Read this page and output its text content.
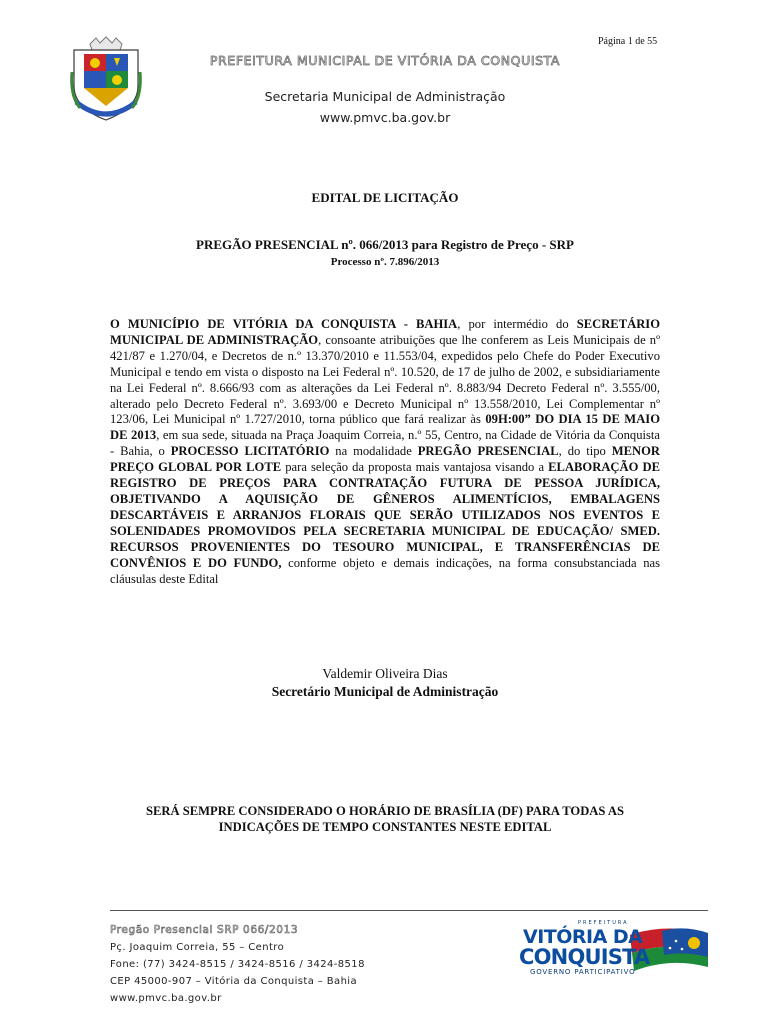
Página 1 de 55
PREFEITURA MUNICIPAL DE VITÓRIA DA CONQUISTA
Secretaria Municipal de Administração
www.pmvc.ba.gov.br
EDITAL DE LICITAÇÃO
PREGÃO PRESENCIAL nº. 066/2013 para Registro de Preço - SRP
Processo nº. 7.896/2013
O MUNICÍPIO DE VITÓRIA DA CONQUISTA - BAHIA, por intermédio do SECRETÁRIO MUNICIPAL DE ADMINISTRAÇÃO, consoante atribuições que lhe conferem as Leis Municipais de nº 421/87 e 1.270/04, e Decretos de n.º 13.370/2010 e 11.553/04, expedidos pelo Chefe do Poder Executivo Municipal e tendo em vista o disposto na Lei Federal nº. 10.520, de 17 de julho de 2002, e subsidiariamente na Lei Federal nº. 8.666/93 com as alterações da Lei Federal nº. 8.883/94 Decreto Federal nº. 3.555/00, alterado pelo Decreto Federal nº. 3.693/00 e Decreto Municipal nº 13.558/2010, Lei Complementar nº 123/06, Lei Municipal nº 1.727/2010, torna público que fará realizar às 09H:00” DO DIA 15 DE MAIO DE 2013, em sua sede, situada na Praça Joaquim Correia, n.º 55, Centro, na Cidade de Vitória da Conquista - Bahia, o PROCESSO LICITATÓRIO na modalidade PREGÃO PRESENCIAL, do tipo MENOR PREÇO GLOBAL POR LOTE para seleção da proposta mais vantajosa visando a ELABORAÇÃO DE REGISTRO DE PREÇOS PARA CONTRATAÇÃO FUTURA DE PESSOA JURÍDICA, OBJETIVANDO A AQUISIÇÃO DE GÊNEROS ALIMENTÍCIOS, EMBALAGENS DESCARTÁVEIS E ARRANJOS FLORAIS QUE SERÃO UTILIZADOS NOS EVENTOS E SOLENIDADES PROMOVIDOS PELA SECRETARIA MUNICIPAL DE EDUCAÇÃO/ SMED. RECURSOS PROVENIENTES DO TESOURO MUNICIPAL, E TRANSFERÊNCIAS DE CONVÊNIOS E DO FUNDO, conforme objeto e demais indicações, na forma consubstanciada nas cláusulas deste Edital
Valdemir Oliveira Dias
Secretário Municipal de Administração
SERÁ SEMPRE CONSIDERADO O HORÁRIO DE BRASÍLIA (DF) PARA TODAS AS
INDICAÇÕES DE TEMPO CONSTANTES NESTE EDITAL
Pregão Presencial SRP 066/2013
Pç. Joaquim Correia, 55 – Centro
Fone: (77) 3424-8515 / 3424-8516 / 3424-8518
CEP 45000-907 – Vitória da Conquista – Bahia
www.pmvc.ba.gov.br
PREFEITURA
VITÓRIA DA
CONQUISTA
GOVERNO PARTICIPATIVO
